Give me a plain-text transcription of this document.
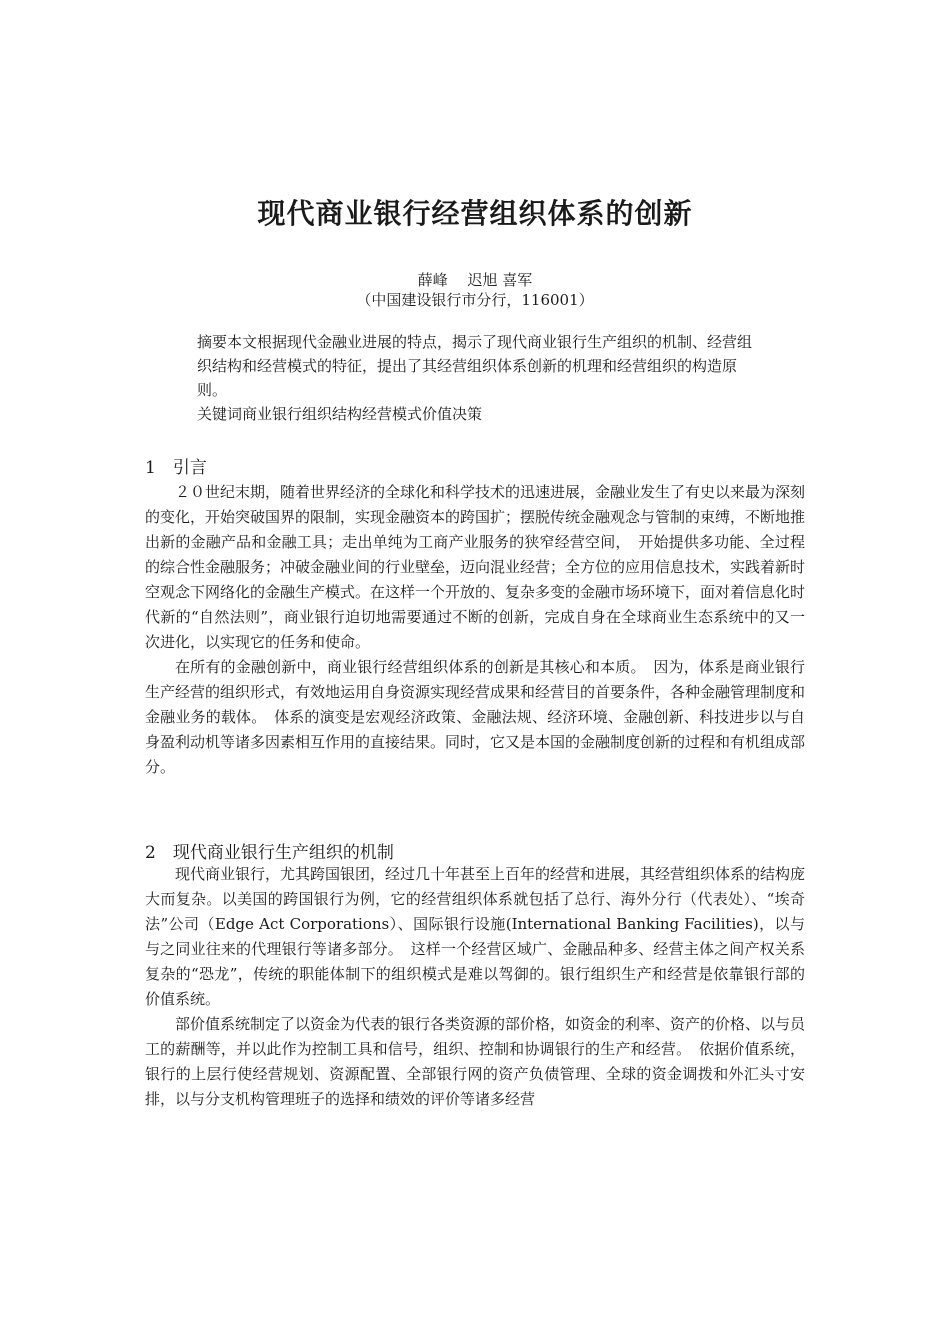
现代商业银行经营组织体系的创新
薛峰　 迟旭 喜军
（中国建设银行市分行，116001）

摘要本文根据现代金融业进展的特点，揭示了现代商业银行生产组织的机制、经营组织结构和经营模式的特征，提出了其经营组织体系创新的机理和经营组织的构造原则。

关键词商业银行组织结构经营模式价值决策

1　引言

２０世纪末期，随着世界经济的全球化和科学技术的迅速进展，金融业发生了有史以来最为深刻的变化，开始突破国界的限制，实现金融资本的跨国扩；摆脱传统金融观念与管制的束缚，不断地推出新的金融产品和金融工具；走出单纯为工商产业服务的狭窄经营空间，　开始提供多功能、全过程的综合性金融服务；冲破金融业间的行业壁垒，迈向混业经营；全方位的应用信息技术，实践着新时空观念下网络化的金融生产模式。在这样一个开放的、复杂多变的金融市场环境下，面对着信息化时代新的“自然法则”，商业银行迫切地需要通过不断的创新，完成自身在全球商业生态系统中的又一次进化，以实现它的任务和使命。

在所有的金融创新中，商业银行经营组织体系的创新是其核心和本质。　因为，体系是商业银行生产经营的组织形式，有效地运用自身资源实现经营成果和经营目的首要条件，各种金融管理制度和金融业务的载体。　体系的演变是宏观经济政策、金融法规、经济环境、金融创新、科技进步以与自身盈利动机等诸多因素相互作用的直接结果。同时，它又是本国的金融制度创新的过程和有机组成部分。

2　现代商业银行生产组织的机制

现代商业银行，尤其跨国银团，经过几十年甚至上百年的经营和进展，其经营组织体系的结构庞大而复杂。以美国的跨国银行为例，它的经营组织体系就包括了总行、海外分行（代表处）、“埃奇法”公司（Edge Act Corporations）、国际银行设施(International Banking Facilities)，以与与之同业往来的代理银行等诸多部分。　这样一个经营区域广、金融品种多、经营主体之间产权关系复杂的“恐龙”，传统的职能体制下的组织模式是难以驾御的。银行组织生产和经营是依靠银行部的价值系统。

部价值系统制定了以资金为代表的银行各类资源的部价格，如资金的利率、资产的价格、以与员工的薪酬等，并以此作为控制工具和信号，组织、控制和协调银行的生产和经营。　依据价值系统，银行的上层行使经营规划、资源配置、全部银行网的资产负债管理、全球的资金调拨和外汇头寸安排，以与分支机构管理班子的选择和绩效的评价等诸多经营
